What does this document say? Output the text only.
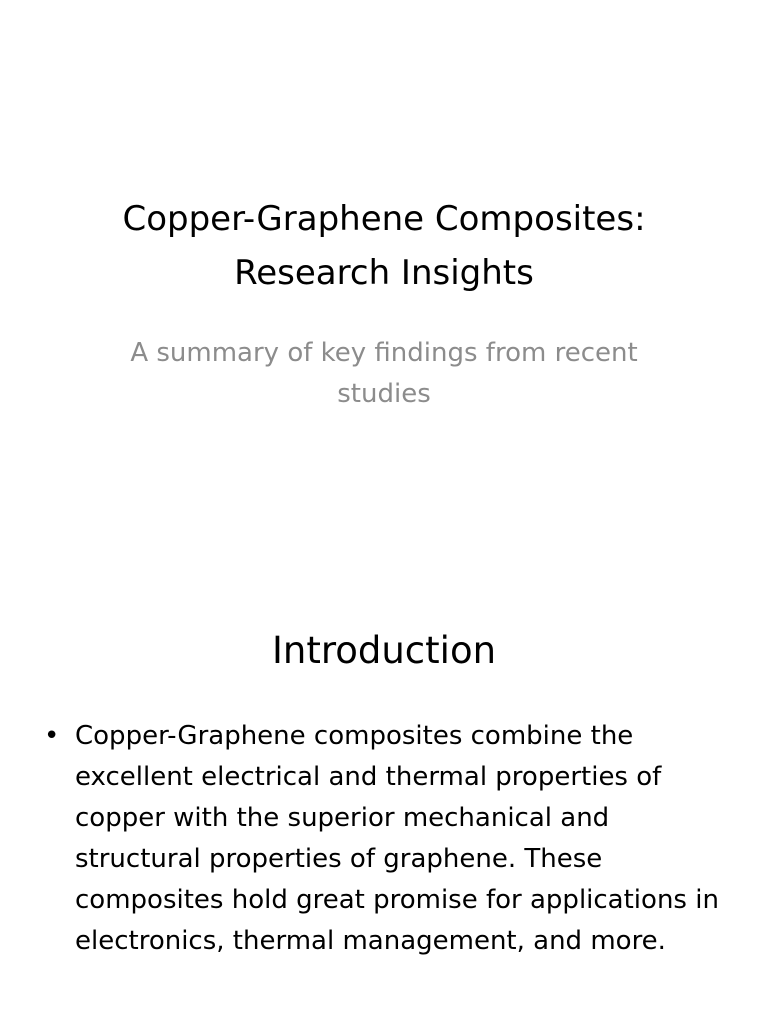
Copper-Graphene Composites: Research Insights

A summary of key findings from recent studies

Introduction
• Copper-Graphene composites combine the excellent electrical and thermal properties of copper with the superior mechanical and structural properties of graphene. These composites hold great promise for applications in electronics, thermal management, and more.
